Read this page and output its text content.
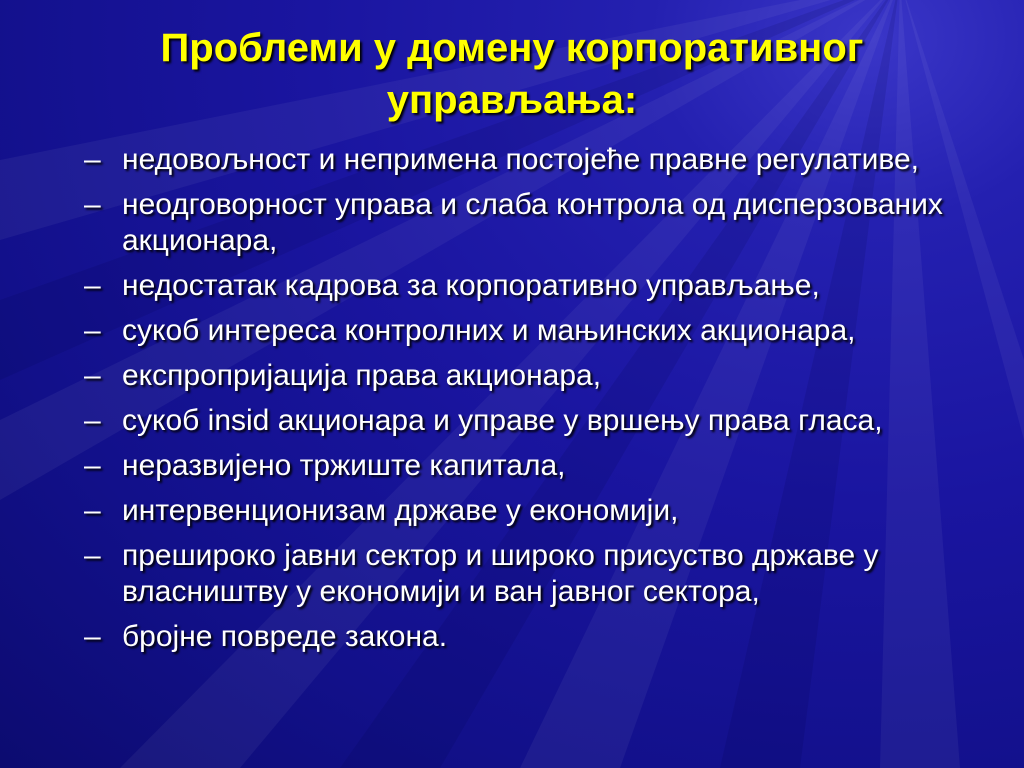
Проблеми у домену корпоративног управљања:
– недовољност и непримена постојеће правне регулативе,
– неодговорност управа и слаба контрола од дисперзованих акционара,
– недостатак кадрова за корпоративно управљање,
– сукоб интереса контролних и мањинских акционара,
– експропријација права акционара,
– сукоб insid акционара и управе у вршењу права гласа,
– неразвијено тржиште капитала,
– интервенционизам државе у економији,
– прешироко јавни сектор и широко присуство државе у власништву у економији и ван јавног сектора,
– бројне повреде закона.
